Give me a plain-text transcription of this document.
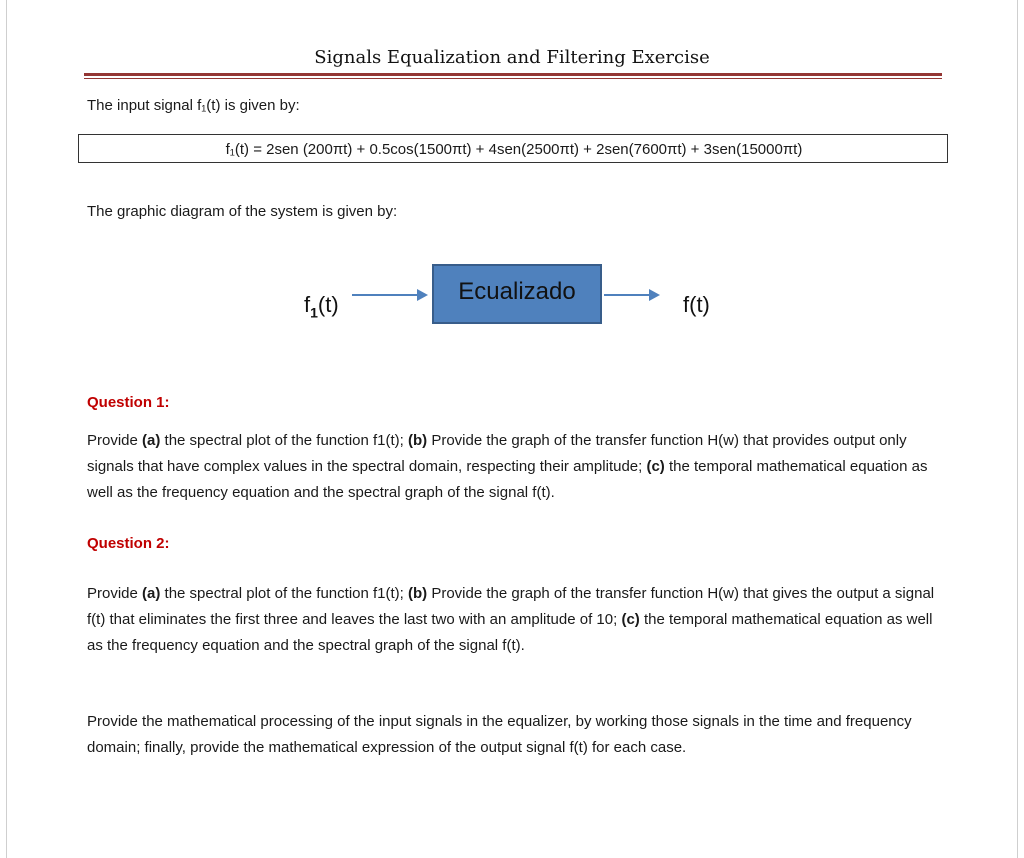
Signals Equalization and Filtering Exercise
The input signal f₁(t) is given by:
f₁(t) = 2sen (200πt) + 0.5cos(1500πt) + 4sen(2500πt) + 2sen(7600πt) + 3sen(15000πt)
The graphic diagram of the system is given by:
$f_1(t)$	Ecualizado	f(t)
Question 1:
Provide (a) the spectral plot of the function f1(t); (b) Provide the graph of the transfer function H(w) that provides output only signals that have complex values in the spectral domain, respecting their amplitude; (c) the temporal mathematical equation as well as the frequency equation and the spectral graph of the signal f(t).
Question 2:
Provide (a) the spectral plot of the function f1(t); (b) Provide the graph of the transfer function H(w) that gives the output a signal f(t) that eliminates the first three and leaves the last two with an amplitude of 10; (c) the temporal mathematical equation as well as the frequency equation and the spectral graph of the signal f(t).
Provide the mathematical processing of the input signals in the equalizer, by working those signals in the time and frequency domain; finally, provide the mathematical expression of the output signal f(t) for each case.
